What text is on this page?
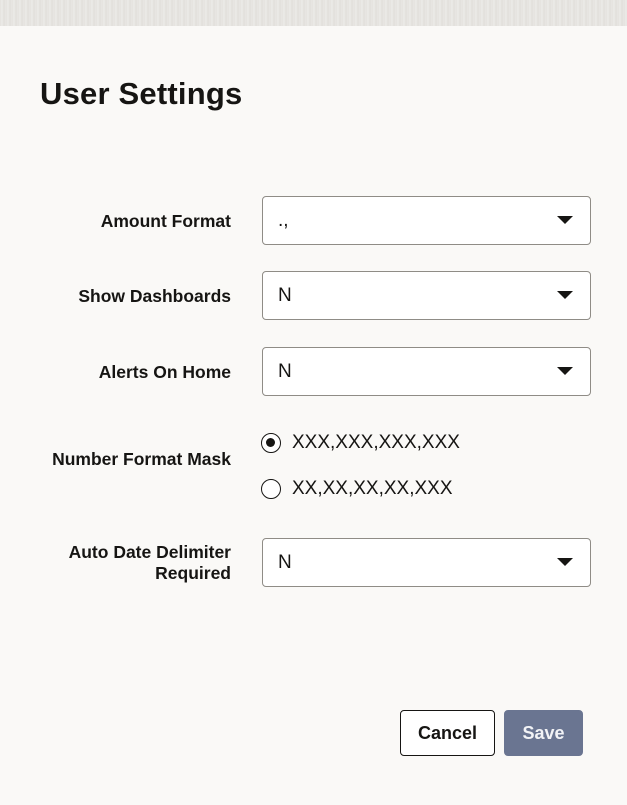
User Settings
Amount Format .,
Show Dashboards N
Alerts On Home N
Number Format Mask
XXX,XXX,XXX,XXX
XX,XX,XX,XX,XXX
Auto Date Delimiter
Required N
Cancel	Save
